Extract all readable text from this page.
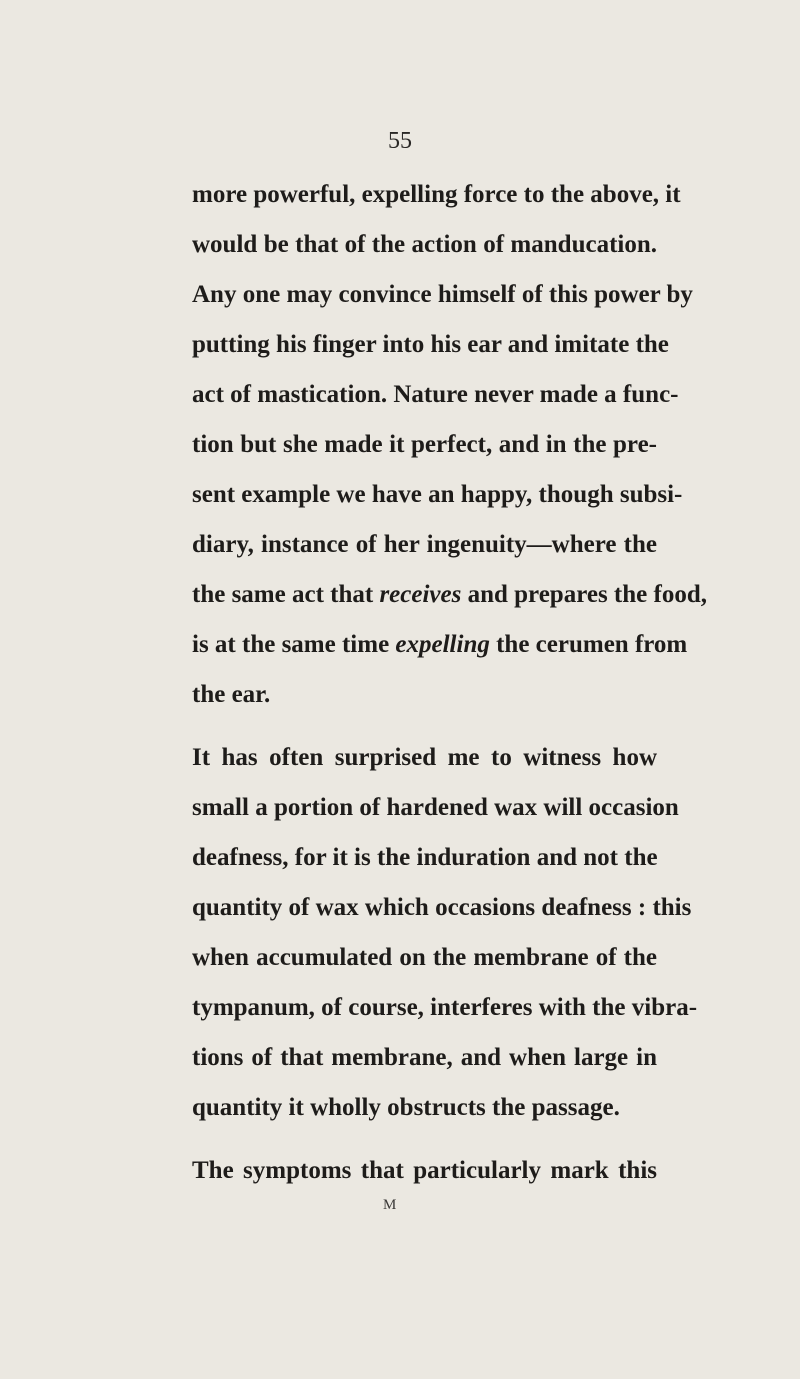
55
more powerful, expelling force to the above, it
would be that of the action of manducation.
Any one may convince himself of this power by
putting his finger into his ear and imitate the
act of mastication. Nature never made a func-
tion but she made it perfect, and in the pre-
sent example we have an happy, though subsi-
diary, instance of her ingenuity—where the
the same act that receives and prepares the food,
is at the same time expelling the cerumen from
the ear.
It has often surprised me to witness how
small a portion of hardened wax will occasion
deafness, for it is the induration and not the
quantity of wax which occasions deafness : this
when accumulated on the membrane of the
tympanum, of course, interferes with the vibra-
tions of that membrane, and when large in
quantity it wholly obstructs the passage.
The symptoms that particularly mark this
M
